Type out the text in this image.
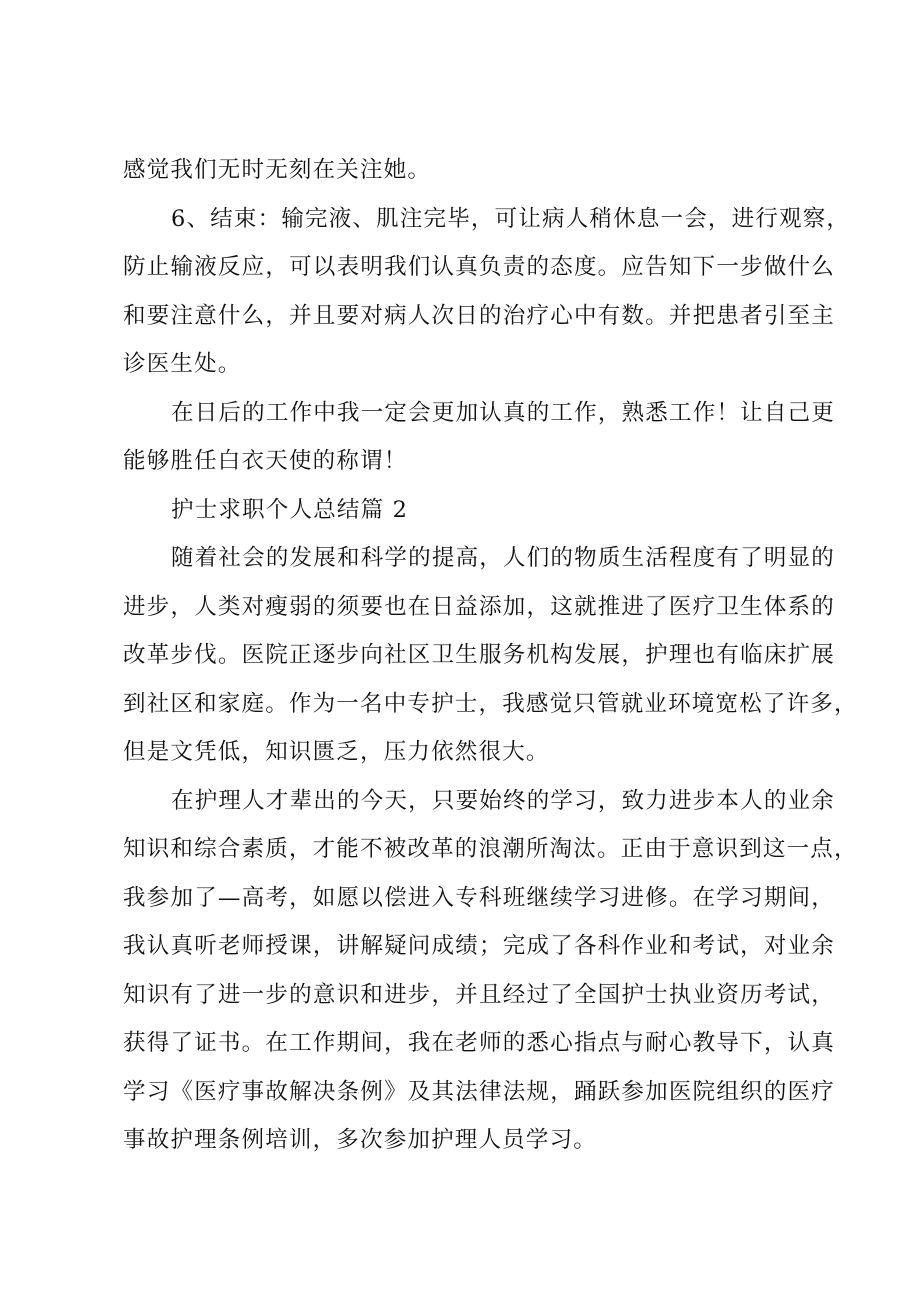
感觉我们无时无刻在关注她。

6、结束：输完液、肌注完毕，可让病人稍休息一会，进行观察，
防止输液反应，可以表明我们认真负责的态度。应告知下一步做什么
和要注意什么，并且要对病人次日的治疗心中有数。并把患者引至主
诊医生处。

在日后的工作中我一定会更加认真的工作，熟悉工作！让自己更
能够胜任白衣天使的称谓！

护士求职个人总结篇 2

随着社会的发展和科学的提高，人们的物质生活程度有了明显的
进步，人类对瘦弱的须要也在日益添加，这就推进了医疗卫生体系的
改革步伐。医院正逐步向社区卫生服务机构发展，护理也有临床扩展
到社区和家庭。作为一名中专护士，我感觉只管就业环境宽松了许多，
但是文凭低，知识匮乏，压力依然很大。

在护理人才辈出的今天，只要始终的学习，致力进步本人的业余
知识和综合素质，才能不被改革的浪潮所淘汰。正由于意识到这一点，
我参加了—高考，如愿以偿进入专科班继续学习进修。在学习期间，
我认真听老师授课，讲解疑问成绩；完成了各科作业和考试，对业余
知识有了进一步的意识和进步，并且经过了全国护士执业资历考试，
获得了证书。在工作期间，我在老师的悉心指点与耐心教导下，认真
学习《医疗事故解决条例》及其法律法规，踊跃参加医院组织的医疗
事故护理条例培训，多次参加护理人员学习。
